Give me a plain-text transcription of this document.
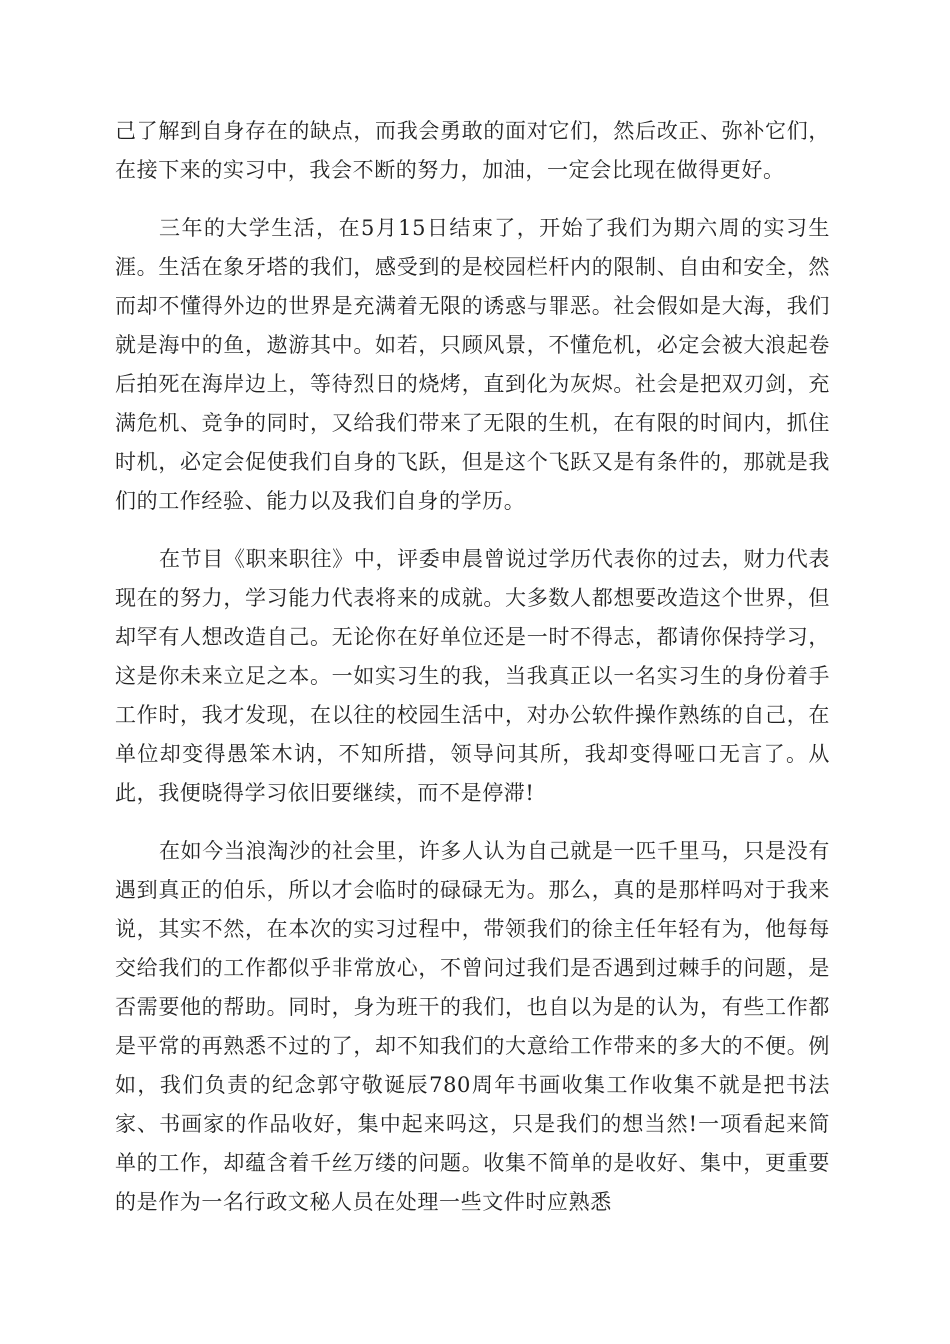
己了解到自身存在的缺点，而我会勇敢的面对它们，然后改正、弥补它们，在接下来的实习中，我会不断的努力，加油，一定会比现在做得更好。

三年的大学生活，在5月15日结束了，开始了我们为期六周的实习生涯。生活在象牙塔的我们，感受到的是校园栏杆内的限制、自由和安全，然而却不懂得外边的世界是充满着无限的诱惑与罪恶。社会假如是大海，我们就是海中的鱼，遨游其中。如若，只顾风景，不懂危机，必定会被大浪起卷后拍死在海岸边上，等待烈日的烧烤，直到化为灰烬。社会是把双刃剑，充满危机、竞争的同时，又给我们带来了无限的生机，在有限的时间内，抓住时机，必定会促使我们自身的飞跃，但是这个飞跃又是有条件的，那就是我们的工作经验、能力以及我们自身的学历。

在节目《职来职往》中，评委申晨曾说过学历代表你的过去，财力代表现在的努力，学习能力代表将来的成就。大多数人都想要改造这个世界，但却罕有人想改造自己。无论你在好单位还是一时不得志，都请你保持学习，这是你未来立足之本。一如实习生的我，当我真正以一名实习生的身份着手工作时，我才发现，在以往的校园生活中，对办公软件操作熟练的自己，在单位却变得愚笨木讷，不知所措，领导问其所，我却变得哑口无言了。从此，我便晓得学习依旧要继续，而不是停滞!

在如今当浪淘沙的社会里，许多人认为自己就是一匹千里马，只是没有遇到真正的伯乐，所以才会临时的碌碌无为。那么，真的是那样吗对于我来说，其实不然，在本次的实习过程中，带领我们的徐主任年轻有为，他每每交给我们的工作都似乎非常放心，不曾问过我们是否遇到过棘手的问题，是否需要他的帮助。同时，身为班干的我们，也自以为是的认为，有些工作都是平常的再熟悉不过的了，却不知我们的大意给工作带来的多大的不便。例如，我们负责的纪念郭守敬诞辰780周年书画收集工作收集不就是把书法家、书画家的作品收好，集中起来吗这，只是我们的想当然!一项看起来简单的工作，却蕴含着千丝万缕的问题。收集不简单的是收好、集中，更重要的是作为一名行政文秘人员在处理一些文件时应熟悉
